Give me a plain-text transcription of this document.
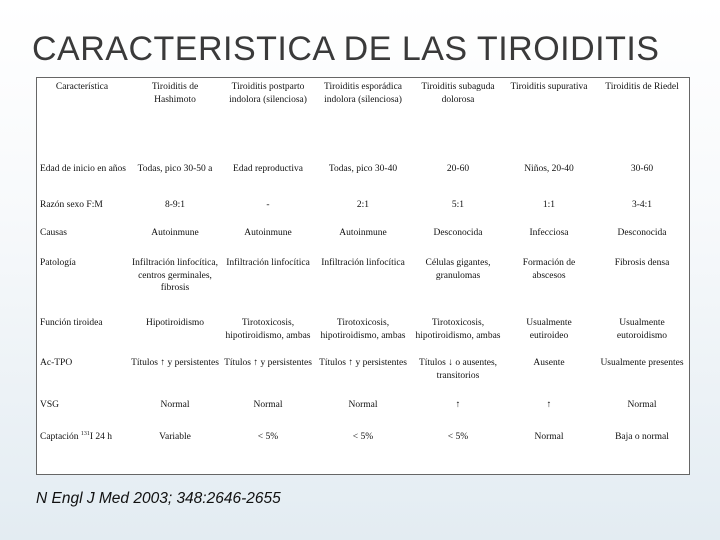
CARACTERISTICA DE LAS TIROIDITIS
Característica	Tiroiditis de Hashimoto	Tiroiditis postparto indolora (silenciosa)	Tiroiditis esporádica indolora (silenciosa)	Tiroiditis subaguda dolorosa	Tiroiditis supurativa	Tiroiditis de Riedel
Edad de inicio en años	Todas, pico 30-50 a	Edad reproductiva	Todas, pico 30-40	20-60	Niños, 20-40	30-60
Razón sexo F:M	8-9:1	-	2:1	5:1	1:1	3-4:1
Causas	Autoinmune	Autoinmune	Autoinmune	Desconocida	Infecciosa	Desconocida
Patología	Infiltración linfocítica, centros germinales, fibrosis	Infiltración linfocítica	Infiltración linfocítica	Células gigantes, granulomas	Formación de abscesos	Fibrosis densa
Función tiroidea	Hipotiroidismo	Tirotoxicosis, hipotiroidismo, ambas	Tirotoxicosis, hipotiroidismo, ambas	Tirotoxicosis, hipotiroidismo, ambas	Usualmente eutiroideo	Usualmente eutoroidismo
Ac-TPO	Títulos ↑ y persistentes	Títulos ↑ y persistentes	Títulos ↑ y persistentes	Títulos ↓ o ausentes, transitorios	Ausente	Usualmente presentes
VSG	Normal	Normal	Normal	↑	↑	Normal
Captación $^{131}$I 24 h	Variable	< 5%	< 5%	< 5%	Normal	Baja o normal
N Engl J Med 2003; 348:2646-2655
